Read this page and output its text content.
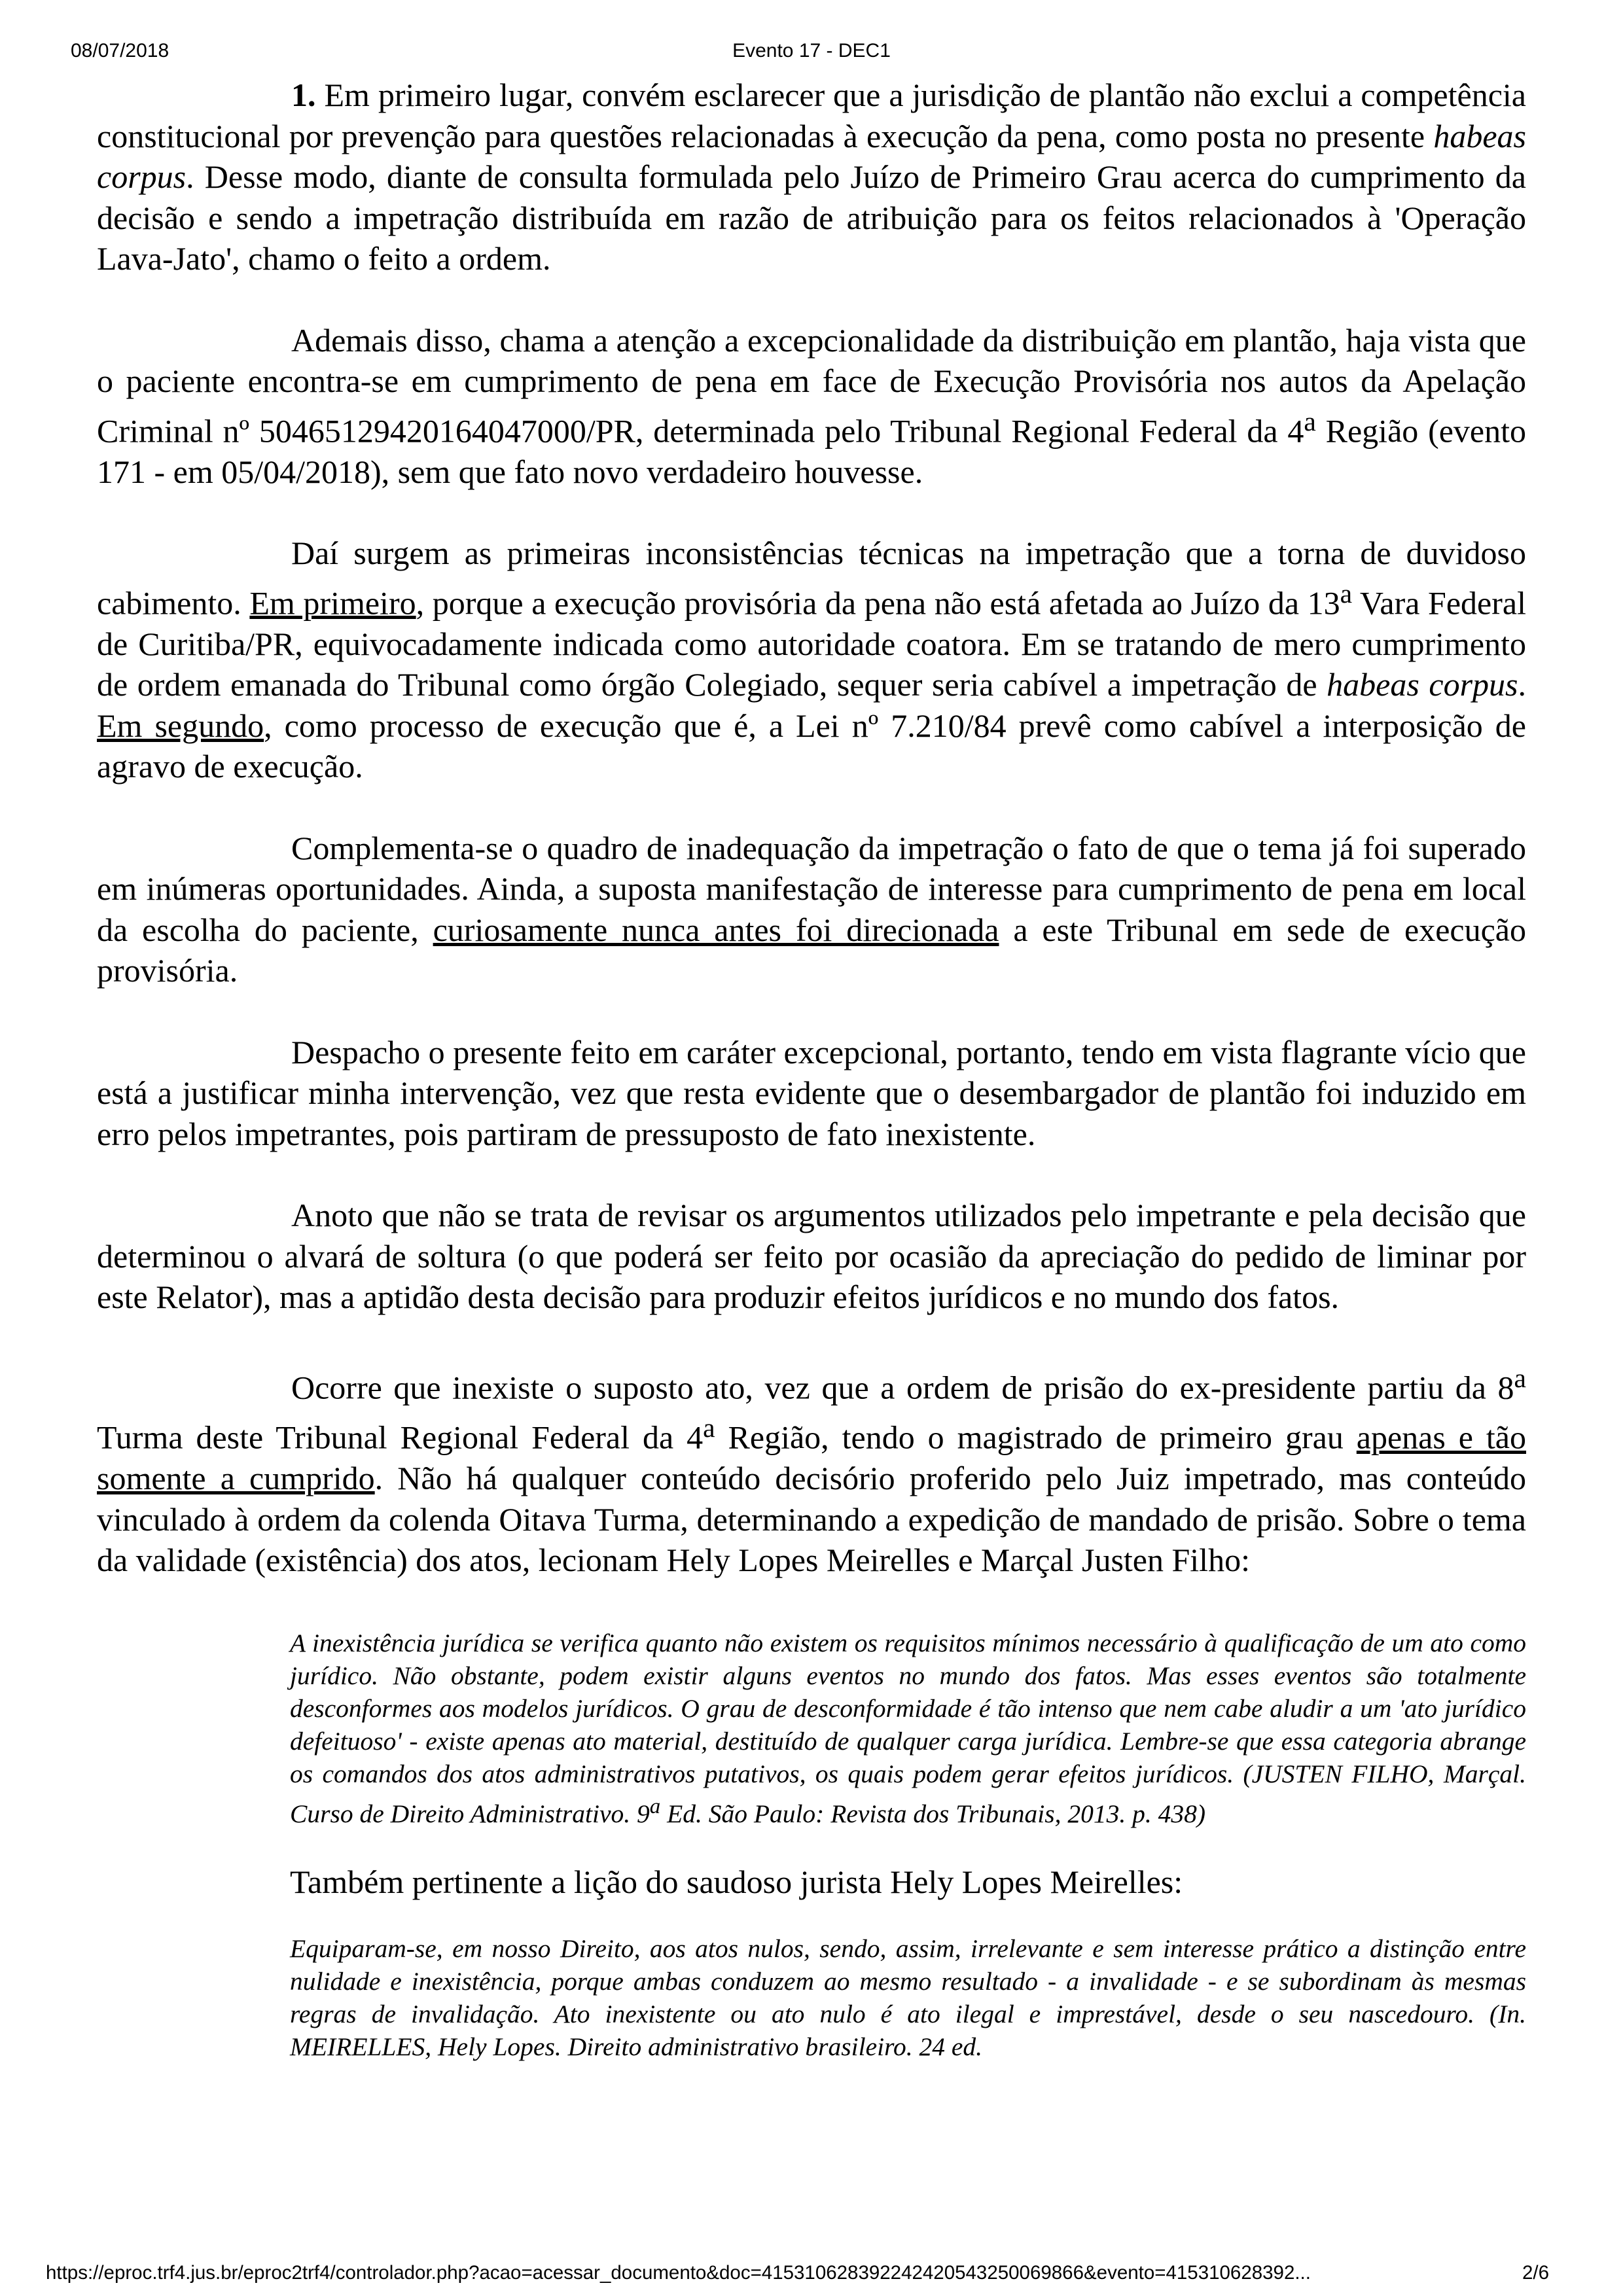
08/07/2018	Evento 17 - DEC1

1. Em primeiro lugar, convém esclarecer que a jurisdição de plantão não exclui a competência constitucional por prevenção para questões relacionadas à execução da pena, como posta no presente habeas corpus. Desse modo, diante de consulta formulada pelo Juízo de Primeiro Grau acerca do cumprimento da decisão e sendo a impetração distribuída em razão de atribuição para os feitos relacionados à 'Operação Lava-Jato', chamo o feito a ordem.

Ademais disso, chama a atenção a excepcionalidade da distribuição em plantão, haja vista que o paciente encontra-se em cumprimento de pena em face de Execução Provisória nos autos da Apelação Criminal nº 50465129420164047000/PR, determinada pelo Tribunal Regional Federal da 4$^a$ Região (evento 171 - em 05/04/2018), sem que fato novo verdadeiro houvesse.

Daí surgem as primeiras inconsistências técnicas na impetração que a torna de duvidoso cabimento. Em primeiro, porque a execução provisória da pena não está afetada ao Juízo da 13$^a$ Vara Federal de Curitiba/PR, equivocadamente indicada como autoridade coatora. Em se tratando de mero cumprimento de ordem emanada do Tribunal como órgão Colegiado, sequer seria cabível a impetração de habeas corpus. Em segundo, como processo de execução que é, a Lei nº 7.210/84 prevê como cabível a interposição de agravo de execução.

Complementa-se o quadro de inadequação da impetração o fato de que o tema já foi superado em inúmeras oportunidades. Ainda, a suposta manifestação de interesse para cumprimento de pena em local da escolha do paciente, curiosamente nunca antes foi direcionada a este Tribunal em sede de execução provisória.

Despacho o presente feito em caráter excepcional, portanto, tendo em vista flagrante vício que está a justificar minha intervenção, vez que resta evidente que o desembargador de plantão foi induzido em erro pelos impetrantes, pois partiram de pressuposto de fato inexistente.

Anoto que não se trata de revisar os argumentos utilizados pelo impetrante e pela decisão que determinou o alvará de soltura (o que poderá ser feito por ocasião da apreciação do pedido de liminar por este Relator), mas a aptidão desta decisão para produzir efeitos jurídicos e no mundo dos fatos.

Ocorre que inexiste o suposto ato, vez que a ordem de prisão do ex-presidente partiu da 8$^a$ Turma deste Tribunal Regional Federal da 4$^a$ Região, tendo o magistrado de primeiro grau apenas e tão somente a cumprido. Não há qualquer conteúdo decisório proferido pelo Juiz impetrado, mas conteúdo vinculado à ordem da colenda Oitava Turma, determinando a expedição de mandado de prisão. Sobre o tema da validade (existência) dos atos, lecionam Hely Lopes Meirelles e Marçal Justen Filho:

A inexistência jurídica se verifica quanto não existem os requisitos mínimos necessário à qualificação de um ato como jurídico. Não obstante, podem existir alguns eventos no mundo dos fatos. Mas esses eventos são totalmente desconformes aos modelos jurídicos. O grau de desconformidade é tão intenso que nem cabe aludir a um 'ato jurídico defeituoso' - existe apenas ato material, destituído de qualquer carga jurídica. Lembre-se que essa categoria abrange os comandos dos atos administrativos putativos, os quais podem gerar efeitos jurídicos. (JUSTEN FILHO, Marçal. Curso de Direito Administrativo. 9$^a$ Ed. São Paulo: Revista dos Tribunais, 2013. p. 438)

Também pertinente a lição do saudoso jurista Hely Lopes Meirelles:

Equiparam-se, em nosso Direito, aos atos nulos, sendo, assim, irrelevante e sem interesse prático a distinção entre nulidade e inexistência, porque ambas conduzem ao mesmo resultado - a invalidade - e se subordinam às mesmas regras de invalidação. Ato inexistente ou ato nulo é ato ilegal e imprestável, desde o seu nascedouro. (In. MEIRELLES, Hely Lopes. Direito administrativo brasileiro. 24 ed.

https://eproc.trf4.jus.br/eproc2trf4/controlador.php?acao=acessar_documento&doc=415310628392242420543250069866&evento=415310628392...	2/6
